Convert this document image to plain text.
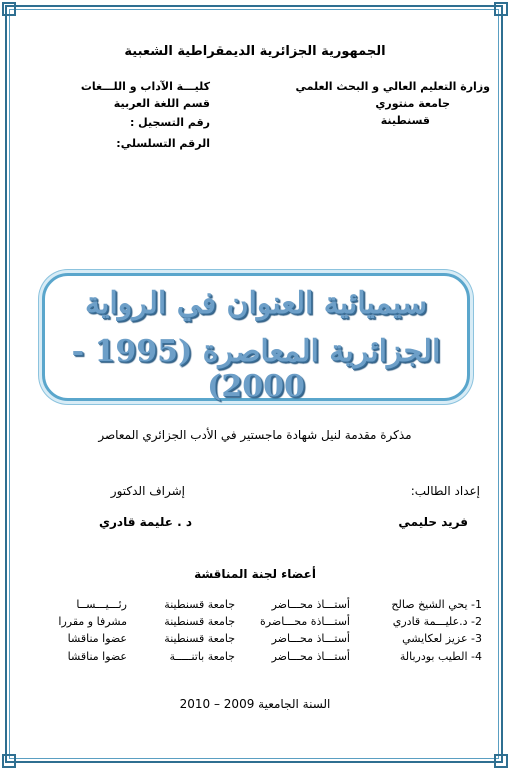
الجمهورية الجزائرية الديمقراطية الشعبية
وزارة التعليم العالي و البحث العلمي
جامعة منتوري
قسنطينة
كليـــة الآداب و اللـــغات
قسم اللغة العربية
رقم التسجيل :
الرقم التسلسلي:
سيميائية العنوان في الرواية
الجزائرية المعاصرة (1995 - 2000)
مذكرة مقدمة لنيل شهادة ماجستير في الأدب الجزائري المعاصر
إعداد الطالب:
إشراف الدكتور
فريد حليمي
د . عليمة قادري
أعضاء لجنة المناقشة
1- يحي الشيخ صالح
أستـــاذ محـــاضر
جامعة قسنطينة
رئـــيـــســا
2- د.عليـــمة قادري
أستـــاذة محـــاضرة
جامعة قسنطينة
مشرفا و مقررا
3- عزيز لعكايشي
أستـــاذ محـــاضر
جامعة قسنطينة
عضوا مناقشا
4- الطيب بودربالة
أستـــاذ محـــاضر
جامعة باتنـــــة
عضوا مناقشا
السنة الجامعية 2009 – 2010
